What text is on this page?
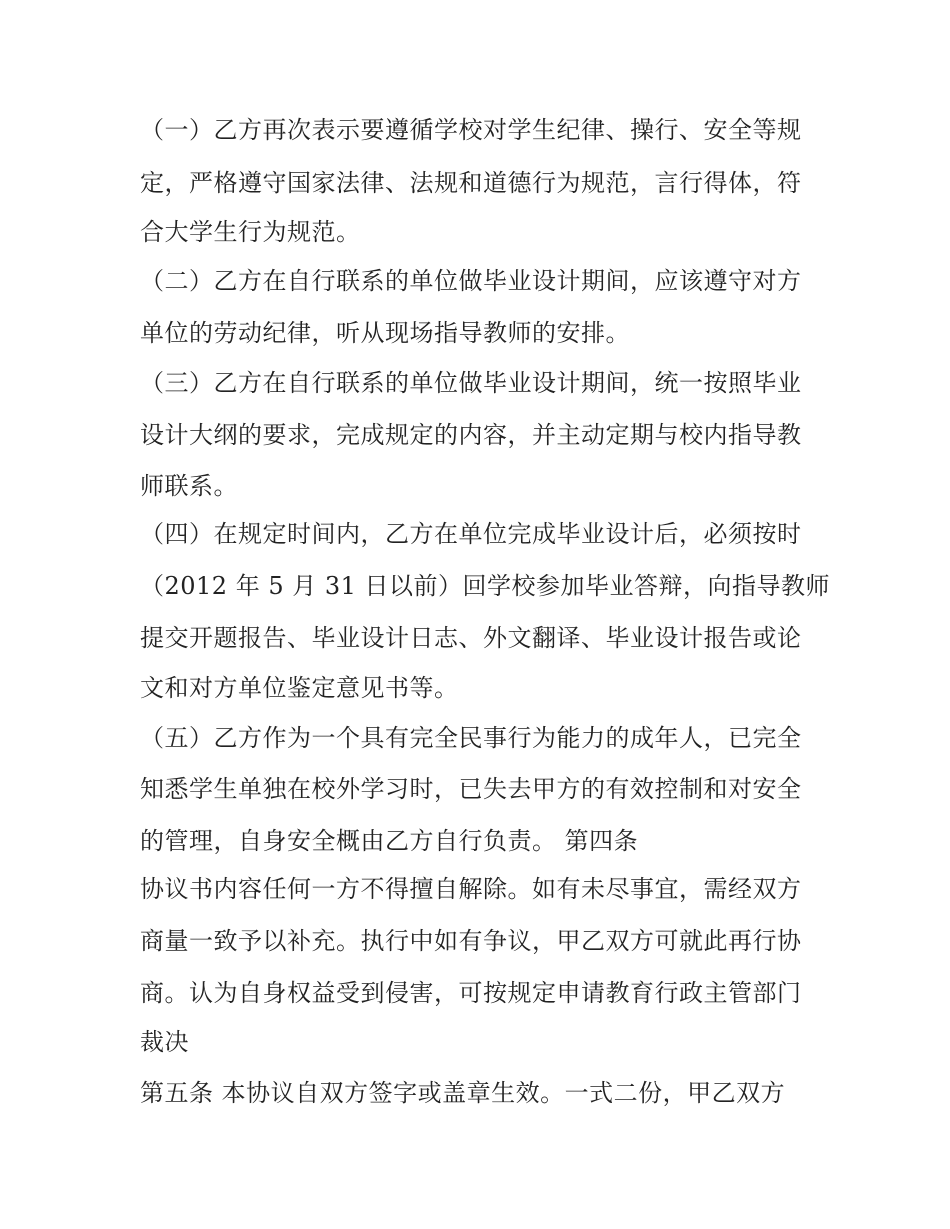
（一）乙方再次表示要遵循学校对学生纪律、操行、安全等规

定，严格遵守国家法律、法规和道德行为规范，言行得体，符

合大学生行为规范。

（二）乙方在自行联系的单位做毕业设计期间，应该遵守对方

单位的劳动纪律，听从现场指导教师的安排。

（三）乙方在自行联系的单位做毕业设计期间，统一按照毕业

设计大纲的要求，完成规定的内容，并主动定期与校内指导教

师联系。

（四）在规定时间内，乙方在单位完成毕业设计后，必须按时

（2012 年 5 月 31 日以前）回学校参加毕业答辩，向指导教师

提交开题报告、毕业设计日志、外文翻译、毕业设计报告或论

文和对方单位鉴定意见书等。

（五）乙方作为一个具有完全民事行为能力的成年人，已完全

知悉学生单独在校外学习时，已失去甲方的有效控制和对安全

的管理，自身安全概由乙方自行负责。 第四条

协议书内容任何一方不得擅自解除。如有未尽事宜，需经双方

商量一致予以补充。执行中如有争议，甲乙双方可就此再行协

商。认为自身权益受到侵害，可按规定申请教育行政主管部门

裁决

第五条 本协议自双方签字或盖章生效。一式二份，甲乙双方
